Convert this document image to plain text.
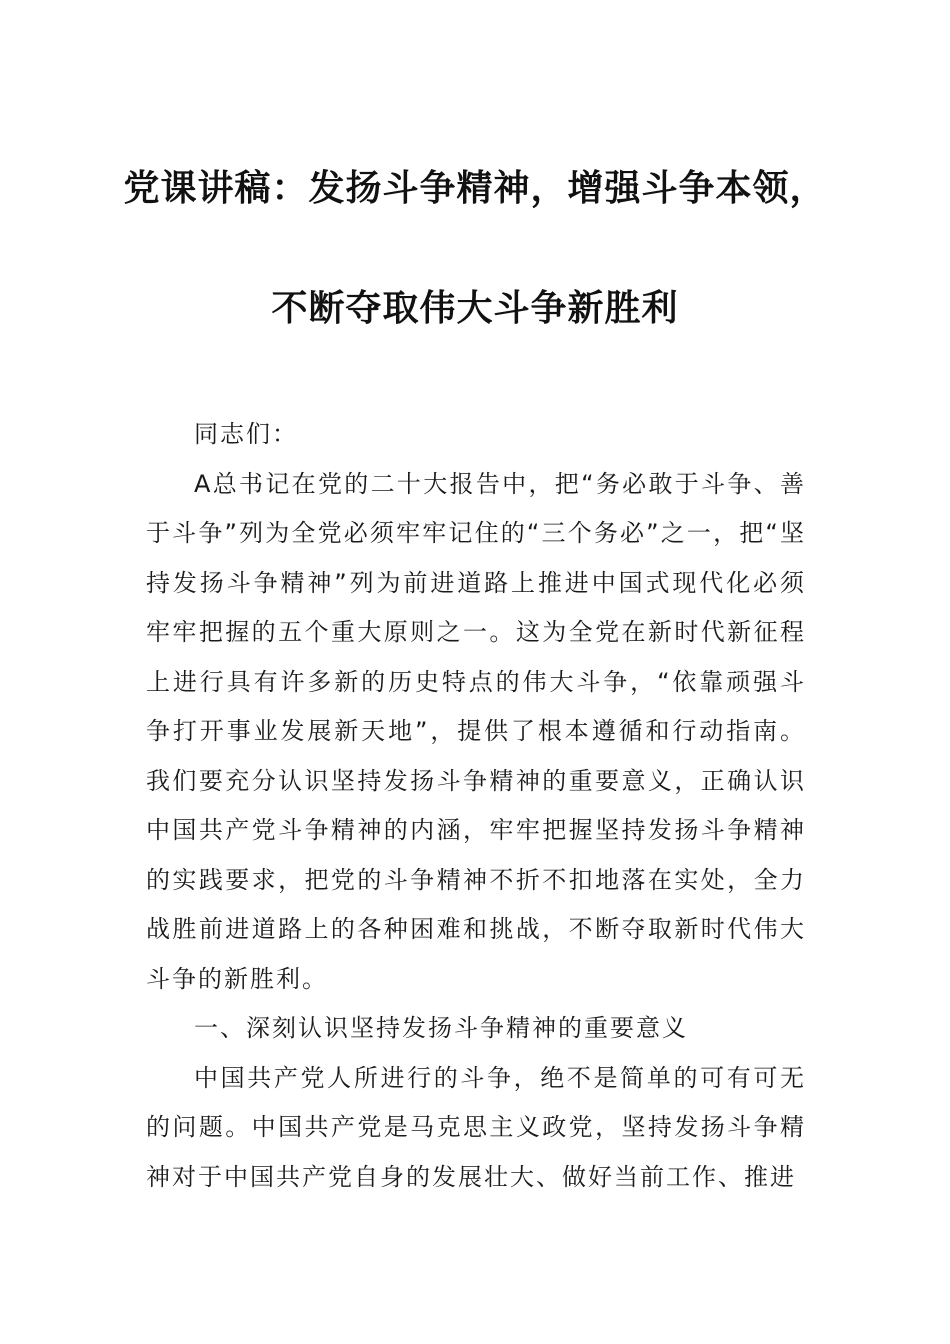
党课讲稿：发扬斗争精神，增强斗争本领，
不断夺取伟大斗争新胜利

同志们：

A总书记在党的二十大报告中，把“务必敢于斗争、善于斗争”列为全党必须牢牢记住的“三个务必”之一，把“坚持发扬斗争精神”列为前进道路上推进中国式现代化必须牢牢把握的五个重大原则之一。这为全党在新时代新征程上进行具有许多新的历史特点的伟大斗争，“依靠顽强斗争打开事业发展新天地”，提供了根本遵循和行动指南。我们要充分认识坚持发扬斗争精神的重要意义，正确认识中国共产党斗争精神的内涵，牢牢把握坚持发扬斗争精神的实践要求，把党的斗争精神不折不扣地落在实处，全力战胜前进道路上的各种困难和挑战，不断夺取新时代伟大斗争的新胜利。

一、深刻认识坚持发扬斗争精神的重要意义

中国共产党人所进行的斗争，绝不是简单的可有可无的问题。中国共产党是马克思主义政党，坚持发扬斗争精神对于中国共产党自身的发展壮大、做好当前工作、推进
